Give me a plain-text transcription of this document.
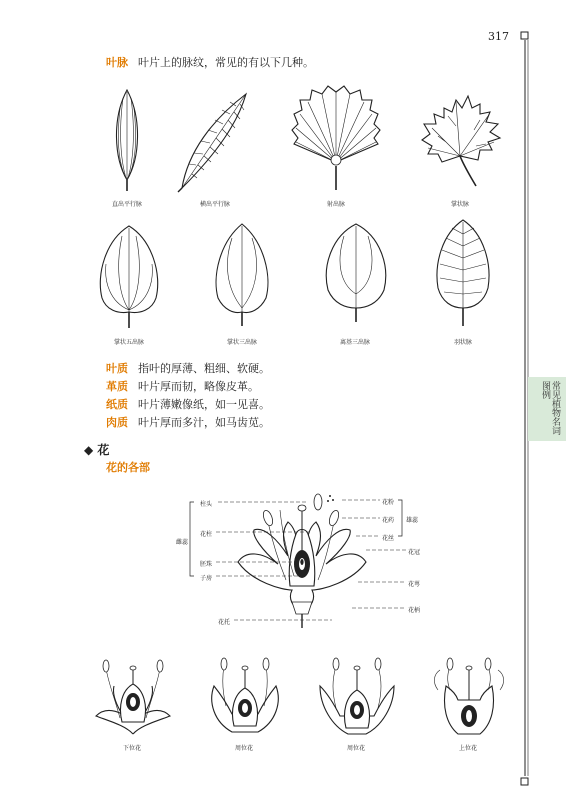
317
常见植物名词图例
叶脉 叶片上的脉纹，常见的有以下几种。
直出平行脉	横出平行脉	射出脉	掌状脉
掌状五出脉	掌状三出脉	离基三出脉	羽状脉
叶质 指叶的厚薄、粗细、软硬。
革质 叶片厚而韧，略像皮革。
纸质 叶片薄嫩像纸，如一见喜。
肉质 叶片厚而多汁，如马齿苋。
◆ 花
花的各部
柱头
花柱
雌蕊
胚珠
子房
花托
花粉
花药 雄蕊
花丝
花冠
花萼
花柄
下位花	周位花	周位花	上位花
